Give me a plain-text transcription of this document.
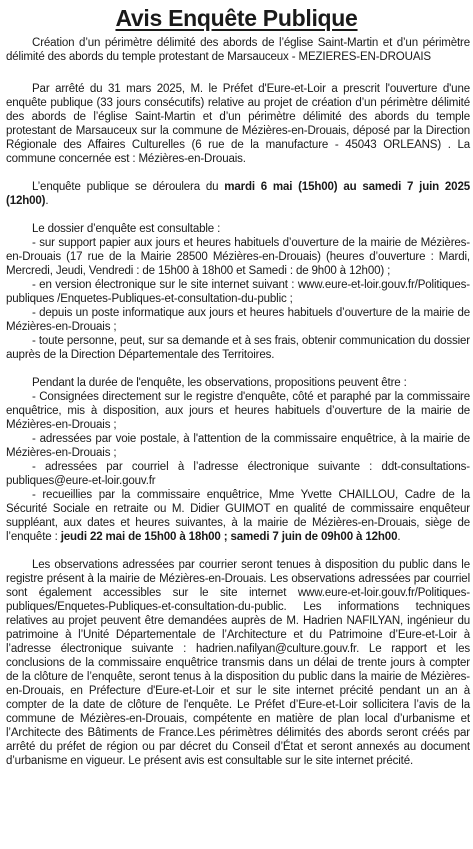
Avis Enquête Publique

Création d’un périmètre délimité des abords de l’église Saint-Martin et d’un périmètre délimité des abords du temple protestant de Marsauceux - MEZIERES-EN-DROUAIS

Par arrêté du 31 mars 2025, M. le Préfet d'Eure-et-Loir a prescrit l'ouverture d'une enquête publique (33 jours consécutifs) relative au projet de création d’un périmètre délimité des abords de l’église Saint-Martin et d’un périmètre délimité des abords du temple protestant de Marsauceux sur la commune de Mézières-en-Drouais, déposé par la Direction Régionale des Affaires Culturelles (6 rue de la manufacture - 45043 ORLEANS) . La commune concernée est : Mézières-en-Drouais.

L’enquête publique se déroulera du mardi 6 mai (15h00) au samedi 7 juin 2025 (12h00).

Le dossier d’enquête est consultable :

- sur support papier aux jours et heures habituels d’ouverture de la mairie de Mézières-en-Drouais (17 rue de la Mairie 28500 Mézières-en-Drouais) (heures d’ouverture : Mardi, Mercredi, Jeudi, Vendredi : de 15h00 à 18h00 et Samedi : de 9h00 à 12h00) ;

- en version électronique sur le site internet suivant : www.eure-et-loir.gouv.fr/Politiques-publiques /Enquetes-Publiques-et-consultation-du-public ;

- depuis un poste informatique aux jours et heures habituels d’ouverture de la mairie de Mézières-en-Drouais ;

- toute personne, peut, sur sa demande et à ses frais, obtenir communication du dossier auprès de la Direction Départementale des Territoires.

Pendant la durée de l'enquête, les observations, propositions peuvent être :

- Consignées directement sur le registre d'enquête, côté et paraphé par la commissaire enquêtrice, mis à disposition, aux jours et heures habituels d’ouverture de la mairie de Mézières-en-Drouais ;

- adressées par voie postale, à l'attention de la commissaire enquêtrice, à la mairie de Mézières-en-Drouais ;

- adressées par courriel à l’adresse électronique suivante : ddt-consultations-publiques@eure-et-loir.gouv.fr

- recueillies par la commissaire enquêtrice, Mme Yvette CHAILLOU, Cadre de la Sécurité Sociale en retraite ou M. Didier GUIMOT en qualité de commissaire enquêteur suppléant, aux dates et heures suivantes, à la mairie de Mézières-en-Drouais, siège de l’enquête : jeudi 22 mai de 15h00 à 18h00 ; samedi 7 juin de 09h00 à 12h00.

Les observations adressées par courrier seront tenues à disposition du public dans le registre présent à la mairie de Mézières-en-Drouais. Les observations adressées par courriel sont également accessibles sur le site internet www.eure-et-loir.gouv.fr/Politiques-publiques/Enquetes-Publiques-et-consultation-du-public. Les informations techniques relatives au projet peuvent être demandées auprès de M. Hadrien NAFILYAN, ingénieur du patrimoine à l’Unité Départementale de l’Architecture et du Patrimoine d’Eure-et-Loir à l’adresse électronique suivante : hadrien.nafilyan@culture.gouv.fr. Le rapport et les conclusions de la commissaire enquêtrice transmis dans un délai de trente jours à compter de la clôture de l’enquête, seront tenus à la disposition du public dans la mairie de Mézières-en-Drouais, en Préfecture d'Eure-et-Loir et sur le site internet précité pendant un an à compter de la date de clôture de l'enquête. Le Préfet d’Eure-et-Loir sollicitera l’avis de la commune de Mézières-en-Drouais, compétente en matière de plan local d’urbanisme et l’Architecte des Bâtiments de France.Les périmètres délimités des abords seront créés par arrêté du préfet de région ou par décret du Conseil d’État et seront annexés au document d’urbanisme en vigueur. Le présent avis est consultable sur le site internet précité.
